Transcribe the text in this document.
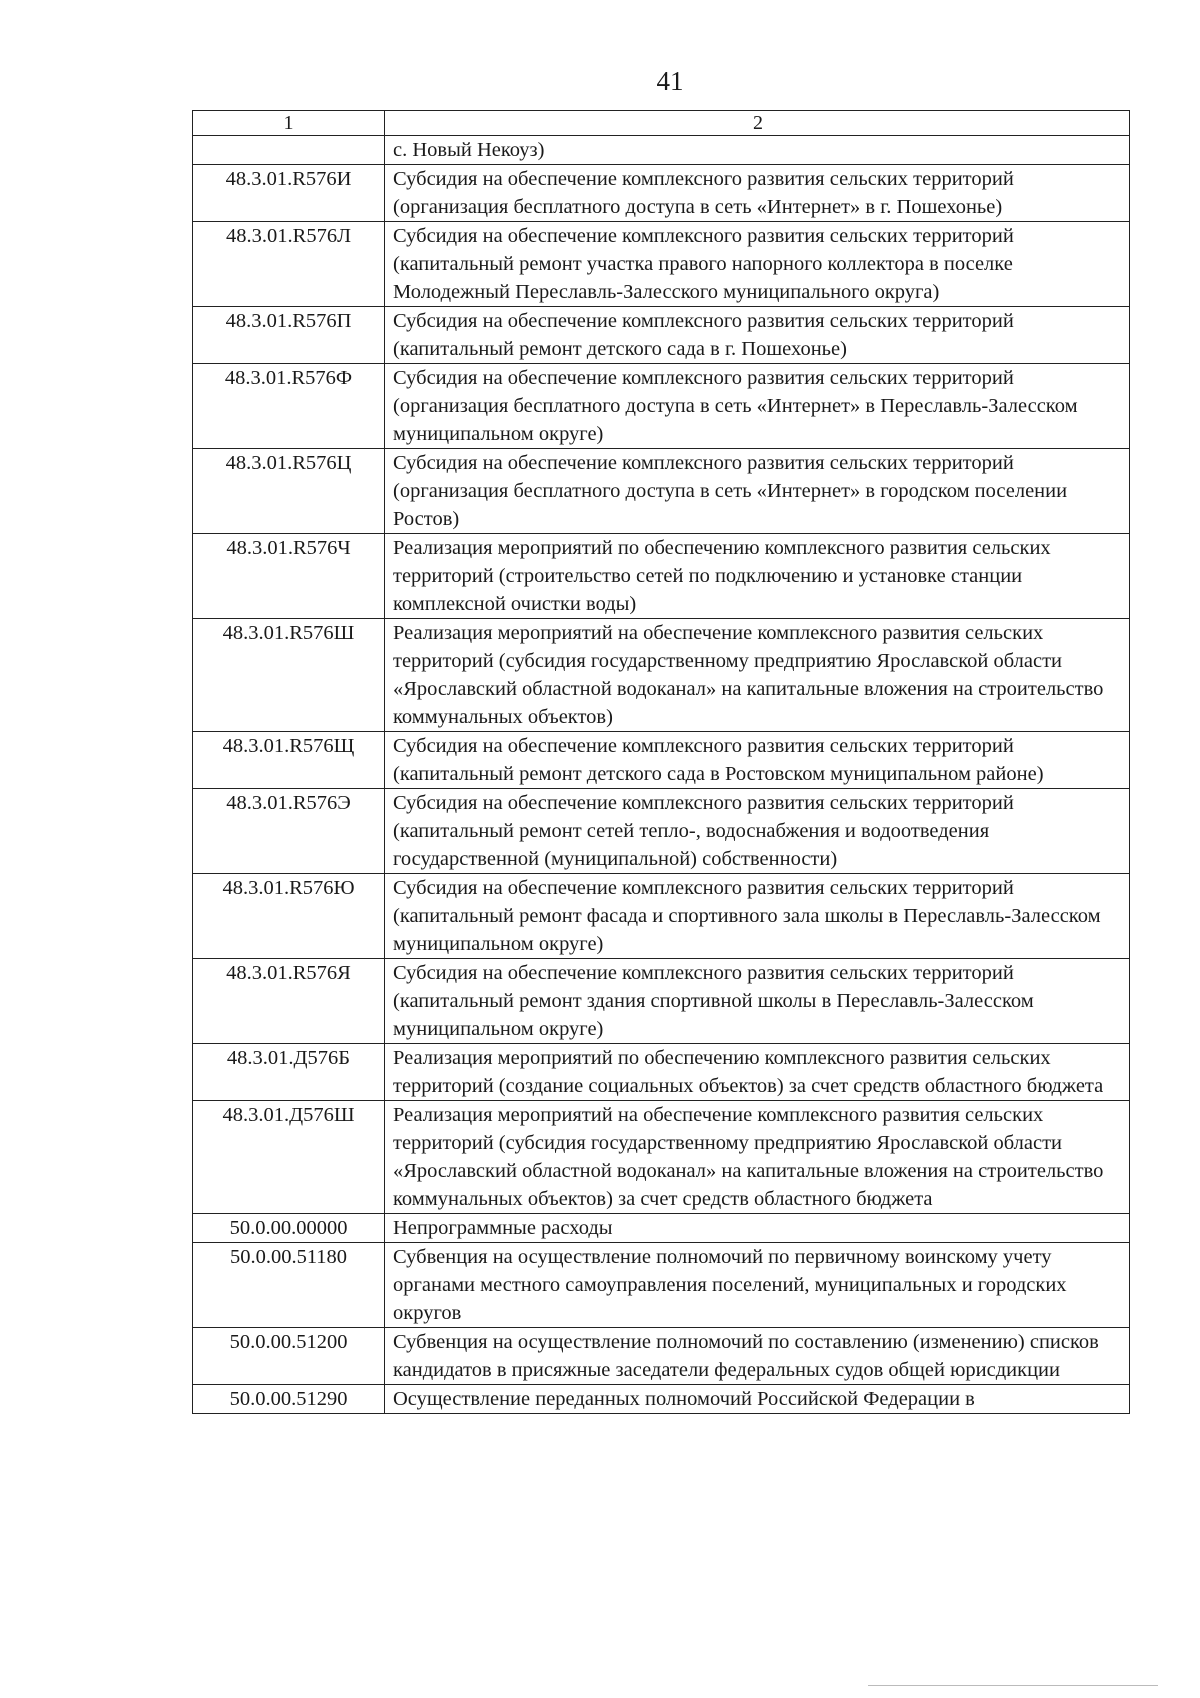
41
1	2
	с. Новый Некоуз)
48.3.01.R576И	Субсидия на обеспечение комплексного развития сельских территорий (организация бесплатного доступа в сеть «Интернет» в г. Пошехонье)
48.3.01.R576Л	Субсидия на обеспечение комплексного развития сельских территорий (капитальный ремонт участка правого напорного коллектора в поселке Молодежный Переславль-Залесского муниципального округа)
48.3.01.R576П	Субсидия на обеспечение комплексного развития сельских территорий (капитальный ремонт детского сада в г. Пошехонье)
48.3.01.R576Ф	Субсидия на обеспечение комплексного развития сельских территорий (организация бесплатного доступа в сеть «Интернет» в Переславль-Залесском муниципальном округе)
48.3.01.R576Ц	Субсидия на обеспечение комплексного развития сельских территорий (организация бесплатного доступа в сеть «Интернет» в городском поселении Ростов)
48.3.01.R576Ч	Реализация мероприятий по обеспечению комплексного развития сельских территорий (строительство сетей по подключению и установке станции комплексной очистки воды)
48.3.01.R576Ш	Реализация мероприятий на обеспечение комплексного развития сельских территорий (субсидия государственному предприятию Ярославской области «Ярославский областной водоканал» на капитальные вложения на строительство коммунальных объектов)
48.3.01.R576Щ	Субсидия на обеспечение комплексного развития сельских территорий (капитальный ремонт детского сада в Ростовском муниципальном районе)
48.3.01.R576Э	Субсидия на обеспечение комплексного развития сельских территорий (капитальный ремонт сетей тепло-, водоснабжения и водоотведения государственной (муниципальной) собственности)
48.3.01.R576Ю	Субсидия на обеспечение комплексного развития сельских территорий (капитальный ремонт фасада и спортивного зала школы в Переславль-Залесском муниципальном округе)
48.3.01.R576Я	Субсидия на обеспечение комплексного развития сельских территорий (капитальный ремонт здания спортивной школы в Переславль-Залесском муниципальном округе)
48.3.01.Д576Б	Реализация мероприятий по обеспечению комплексного развития сельских территорий (создание социальных объектов) за счет средств областного бюджета
48.3.01.Д576Ш	Реализация мероприятий на обеспечение комплексного развития сельских территорий (субсидия государственному предприятию Ярославской области «Ярославский областной водоканал» на капитальные вложения на строительство коммунальных объектов) за счет средств областного бюджета
50.0.00.00000	Непрограммные расходы
50.0.00.51180	Субвенция на осуществление полномочий по первичному воинскому учету органами местного самоуправления поселений, муниципальных и городских округов
50.0.00.51200	Субвенция на осуществление полномочий по составлению (изменению) списков кандидатов в присяжные заседатели федеральных судов общей юрисдикции
50.0.00.51290	Осуществление переданных полномочий Российской Федерации в
